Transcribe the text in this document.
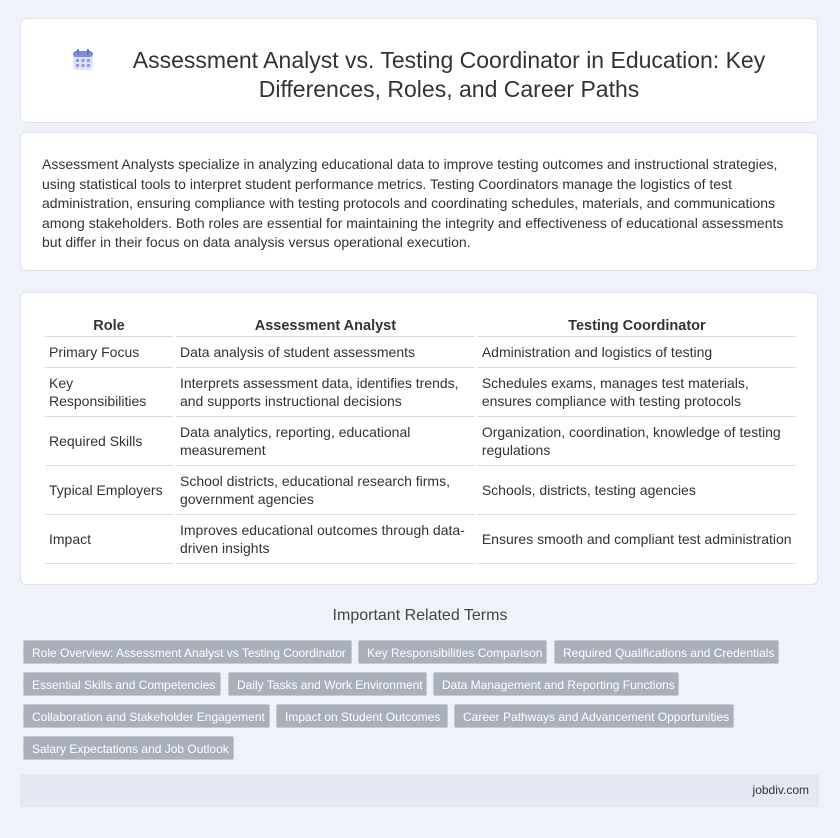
Assessment Analyst vs. Testing Coordinator in Education: Key Differences, Roles, and Career Paths

Assessment Analysts specialize in analyzing educational data to improve testing outcomes and instructional strategies, using statistical tools to interpret student performance metrics. Testing Coordinators manage the logistics of test administration, ensuring compliance with testing protocols and coordinating schedules, materials, and communications among stakeholders. Both roles are essential for maintaining the integrity and effectiveness of educational assessments but differ in their focus on data analysis versus operational execution.

Role	Assessment Analyst	Testing Coordinator
Primary Focus	Data analysis of student assessments	Administration and logistics of testing
Key Responsibilities	Interprets assessment data, identifies trends, and supports instructional decisions	Schedules exams, manages test materials, ensures compliance with testing protocols
Required Skills	Data analytics, reporting, educational measurement	Organization, coordination, knowledge of testing regulations
Typical Employers	School districts, educational research firms, government agencies	Schools, districts, testing agencies
Impact	Improves educational outcomes through data-driven insights	Ensures smooth and compliant test administration
Important Related Terms
Role Overview: Assessment Analyst vs Testing Coordinator	Key Responsibilities Comparison	Required Qualifications and Credentials
Essential Skills and Competencies	Daily Tasks and Work Environment	Data Management and Reporting Functions
Collaboration and Stakeholder Engagement	Impact on Student Outcomes	Career Pathways and Advancement Opportunities
Salary Expectations and Job Outlook
jobdiv.com
